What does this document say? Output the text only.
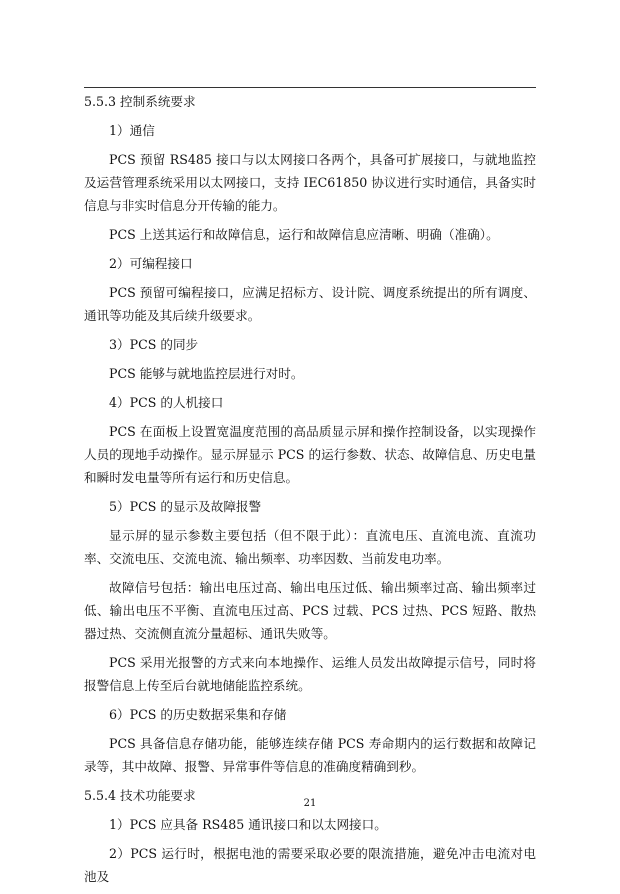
5.5.3 控制系统要求

1）通信

PCS 预留 RS485 接口与以太网接口各两个，具备可扩展接口，与就地监控及运营管理系统采用以太网接口，支持 IEC61850 协议进行实时通信，具备实时信息与非实时信息分开传输的能力。

PCS 上送其运行和故障信息，运行和故障信息应清晰、明确（准确）。

2）可编程接口

PCS 预留可编程接口，应满足招标方、设计院、调度系统提出的所有调度、通讯等功能及其后续升级要求。

3）PCS 的同步

PCS 能够与就地监控层进行对时。

4）PCS 的人机接口

PCS 在面板上设置宽温度范围的高品质显示屏和操作控制设备，以实现操作人员的现地手动操作。显示屏显示 PCS 的运行参数、状态、故障信息、历史电量和瞬时发电量等所有运行和历史信息。

5）PCS 的显示及故障报警

显示屏的显示参数主要包括（但不限于此）：直流电压、直流电流、直流功率、交流电压、交流电流、输出频率、功率因数、当前发电功率。

故障信号包括：输出电压过高、输出电压过低、输出频率过高、输出频率过低、输出电压不平衡、直流电压过高、PCS 过载、PCS 过热、PCS 短路、散热器过热、交流侧直流分量超标、通讯失败等。

PCS 采用光报警的方式来向本地操作、运维人员发出故障提示信号，同时将报警信息上传至后台就地储能监控系统。

6）PCS 的历史数据采集和存储

PCS 具备信息存储功能，能够连续存储 PCS 寿命期内的运行数据和故障记录等，其中故障、报警、异常事件等信息的准确度精确到秒。

5.5.4 技术功能要求

1）PCS 应具备 RS485 通讯接口和以太网接口。

2）PCS 运行时，根据电池的需要采取必要的限流措施，避免冲击电流对电池及

21
